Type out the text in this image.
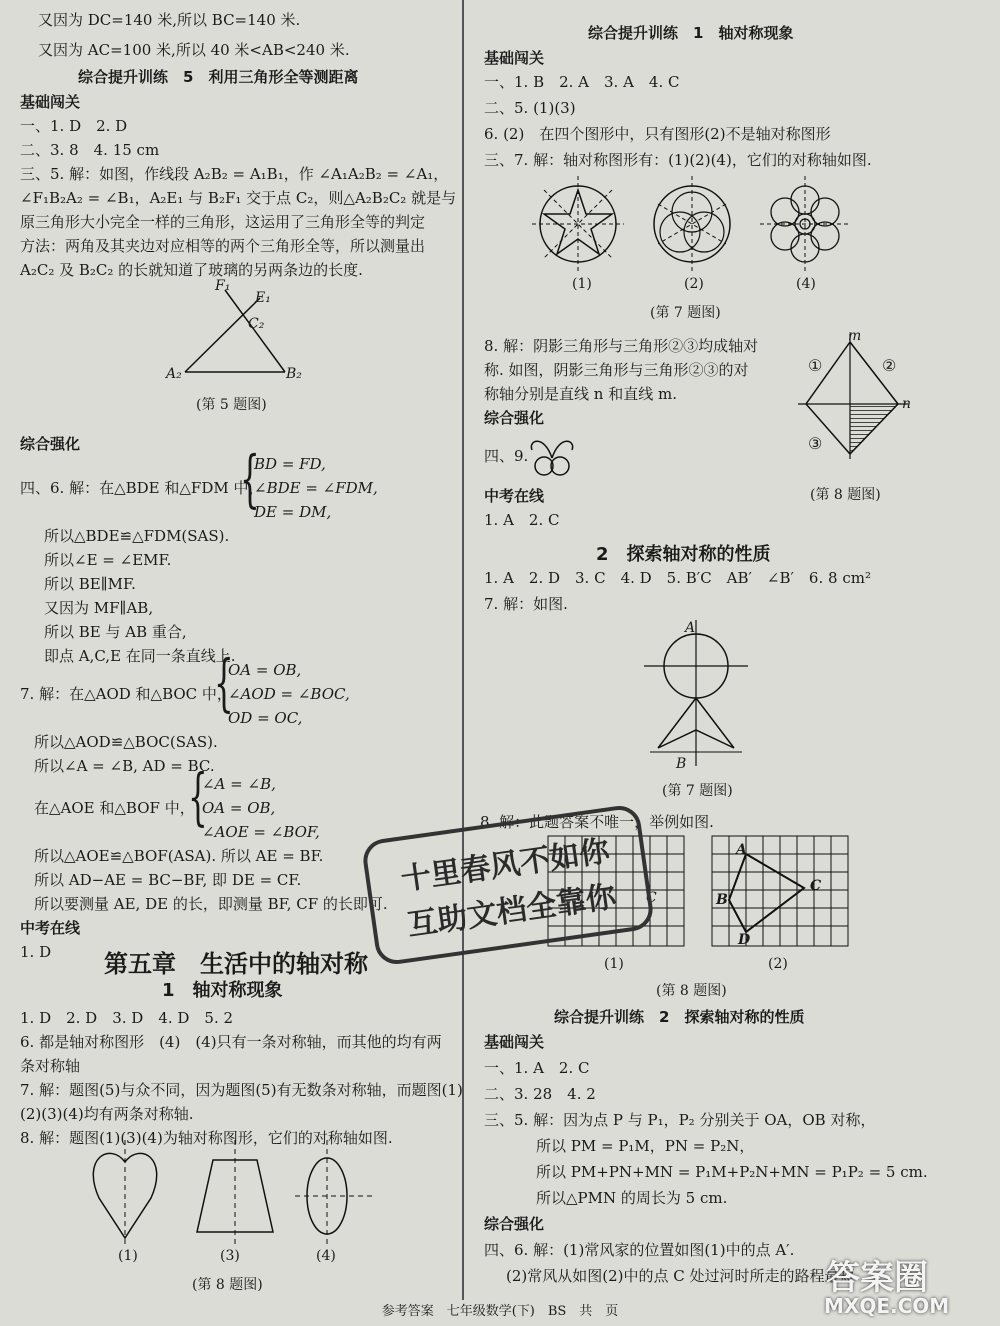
又因为 DC=140 米,所以 BC=140 米.
又因为 AC=100 米,所以 40 米<AB<240 米.
综合提升训练　5　利用三角形全等测距离
基础闯关
一、1. D　2. D
二、3. 8　4. 15 cm
三、5. 解：如图，作线段 A₂B₂ = A₁B₁，作 ∠A₁A₂B₂ = ∠A₁，
∠F₁B₂A₂ = ∠B₁，A₂E₁ 与 B₂F₁ 交于点 C₂，则△A₂B₂C₂ 就是与
原三角形大小完全一样的三角形，这运用了三角形全等的判定
方法：两角及其夹边对应相等的两个三角形全等，所以测量出
A₂C₂ 及 B₂C₂ 的长就知道了玻璃的另两条边的长度.
F₁
E₁
C₂
A₂	B₂
(第 5 题图)
综合强化
四、6. 解：在△BDE 和△FDM 中，
{
BD = FD,
∠BDE = ∠FDM,
DE = DM,
所以△BDE≌△FDM(SAS).
所以∠E = ∠EMF.
所以 BE∥MF.
又因为 MF∥AB,
所以 BE 与 AB 重合,
即点 A,C,E 在同一条直线上.
7. 解：在△AOD 和△BOC 中，
{
OA = OB,
∠AOD = ∠BOC,
OD = OC,
所以△AOD≌△BOC(SAS).
所以∠A = ∠B, AD = BC.
在△AOE 和△BOF 中，
{
∠A = ∠B,
OA = OB,
∠AOE = ∠BOF,
所以△AOE≌△BOF(ASA). 所以 AE = BF.
所以 AD−AE = BC−BF, 即 DE = CF.
所以要测量 AE, DE 的长，即测量 BF, CF 的长即可.
中考在线
1. D 第五章　生活中的轴对称
1　轴对称现象
1. D　2. D　3. D　4. D　5. 2
6. 都是轴对称图形　(4)　(4)只有一条对称轴，而其他的均有两
条对称轴
7. 解：题图(5)与众不同，因为题图(5)有无数条对称轴，而题图(1)
(2)(3)(4)均有两条对称轴.
8. 解：题图(1)(3)(4)为轴对称图形，它们的对称轴如图.
(1)	(3)	(4)
(第 8 题图)
综合提升训练　1　轴对称现象
基础闯关
一、1. B　2. A　3. A　4. C
二、5. (1)(3)
6. (2)　在四个图形中，只有图形(2)不是轴对称图形
三、7. 解：轴对称图形有：(1)(2)(4)，它们的对称轴如图.
(1)	(2)	(4)
(第 7 题图)
8. 解：阴影三角形与三角形②③均成轴对
称. 如图，阴影三角形与三角形②③的对
称轴分别是直线 n 和直线 m.
m
n
①	②
③
(第 8 题图)
综合强化
四、9.
中考在线
1. A　2. C
2　探索轴对称的性质
1. A　2. D　3. C　4. D　5. B′C　AB′　∠B′　6. 8 cm²
7. 解：如图.
A
B
(第 7 题图)
8. 解：此题答案不唯一，举例如图.
C
A
B
C
D
(1)	(2)
(第 8 题图)
综合提升训练　2　探索轴对称的性质
基础闯关
一、1. A　2. C
二、3. 28　4. 2
三、5. 解：因为点 P 与 P₁，P₂ 分别关于 OA，OB 对称，
所以 PM = P₁M，PN = P₂N，
所以 PM+PN+MN = P₁M+P₂N+MN = P₁P₂ = 5 cm.
所以△PMN 的周长为 5 cm.
综合强化
四、6. 解：(1)常风家的位置如图(1)中的点 A′.
(2)常风从如图(2)中的点 C 处过河时所走的路程最短
十里春风不如你
互助文档全靠你
参考答案　七年级数学(下)　BS　共　页
答案圈
MXQE.COM
